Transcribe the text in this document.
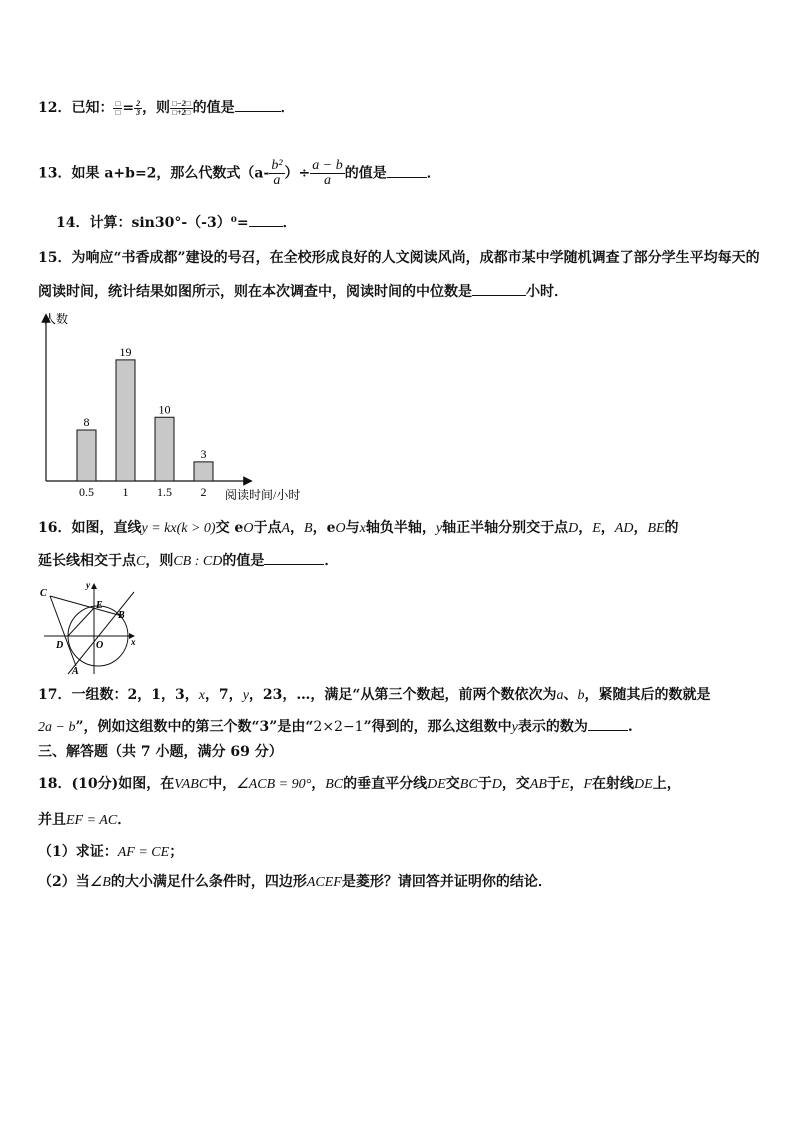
12．已知： $\frac{□}{□} = \frac{2}{3}$ ，则 $\frac{□-2□}{□+2□}$ 的值是	．
13．如果 a+b=2，那么代数式（$a- \frac{\text{b²}}{a}$ ）÷ $\frac{a - b}{a}$ 的值是	．
14．计算：sin30°-（-3）⁰= ．
15．为响应“书香成都”建设的号召，在全校形成良好的人文阅读风尚，成都市某中学随机调查了部分学生平均每天的
阅读时间，统计结果如图所示，则在本次调查中，阅读时间的中位数是	小时．
人数
阅读时间/小时
8
0.5
19
1
10
1.5
3
2
16．如图，直线y = kx(k > 0)交 eO于点A，B，eO与x轴负半轴，y轴正半轴分别交于点D，E，AD，BE的
延长线相交于点C，则CB : CD的值是	．
C
y
E
B
D	O	x
A
17．一组数：2，1，3，x，7，y，23，…，满足“从第三个数起，前两个数依次为a、b，紧随其后的数就是
2a − b”，例如这组数中的第三个数“3”是由“2×2−1”得到的，那么这组数中y表示的数为	.
三、解答题（共 7 小题，满分 69 分）
18．(10分)如图，在VABC中，∠ACB = 90°，BC的垂直平分线DE交BC于D，交AB于E，F在射线DE上，
并且EF = AC．
（1）求证：AF = CE；
（2）当∠B的大小满足什么条件时，四边形ACEF是菱形？请回答并证明你的结论．
